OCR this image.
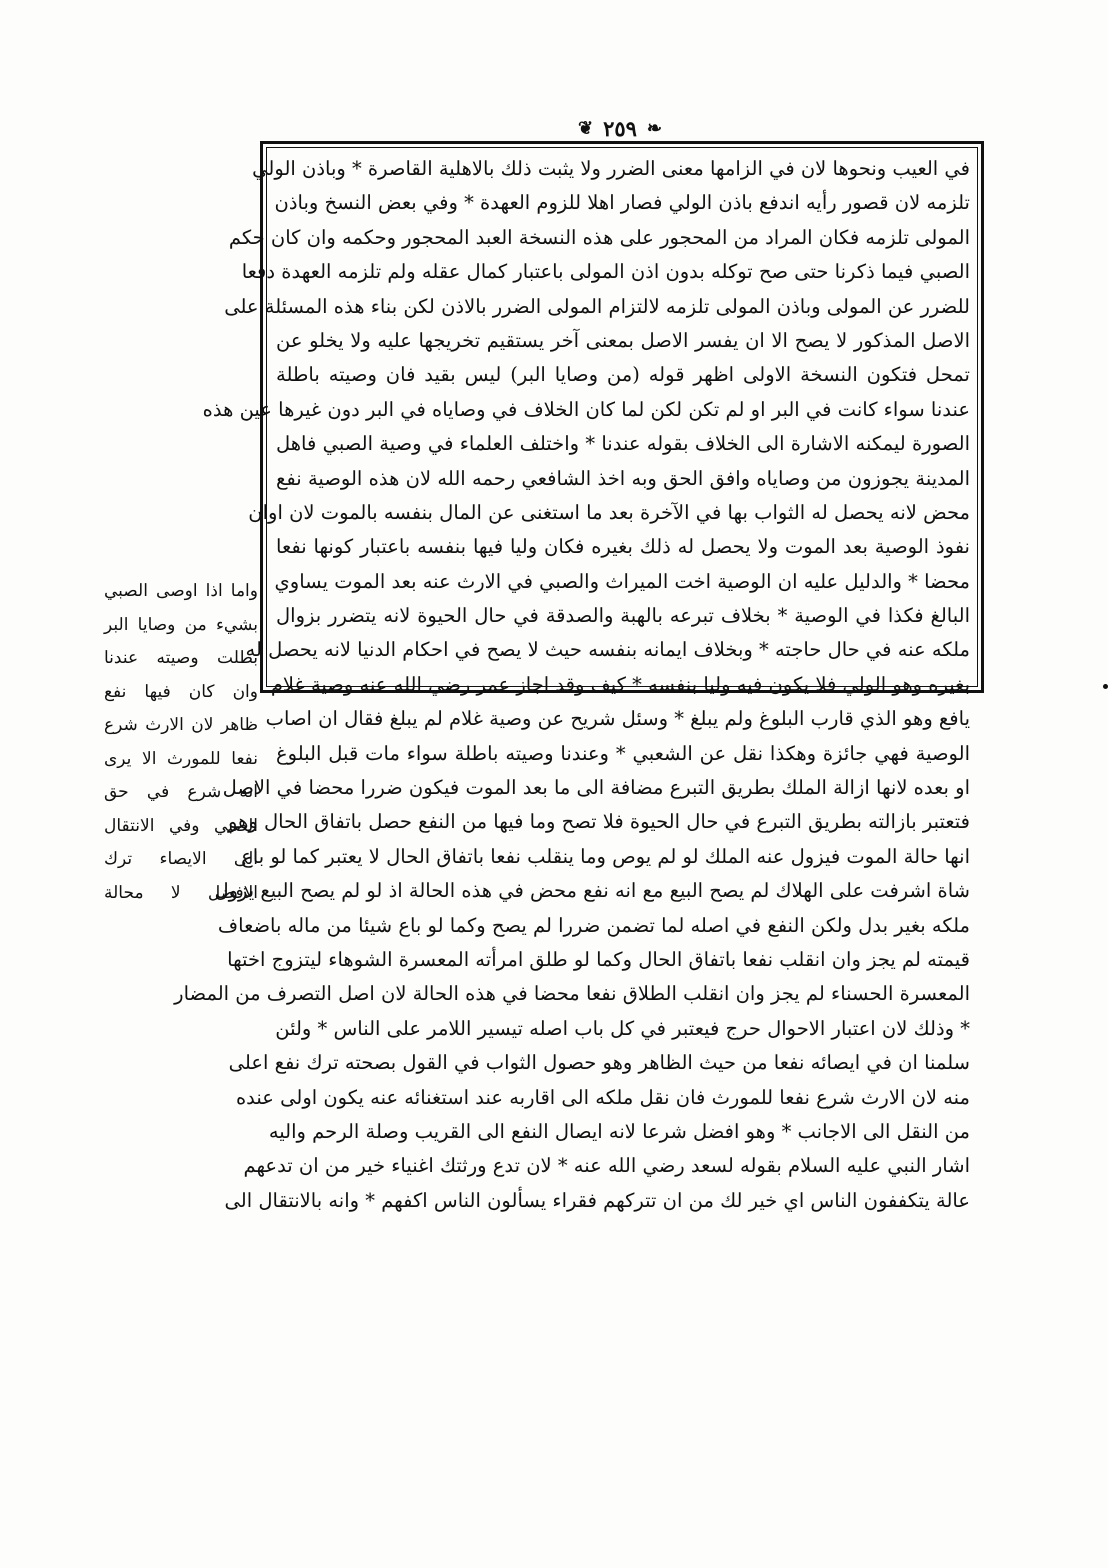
❦ ٢٥٩ ❧
في العيب ونحوها لان في الزامها معنى الضرر ولا يثبت ذلك بالاهلية القاصرة * وباذن الولي
تلزمه لان قصور رأيه اندفع باذن الولي فصار اهلا للزوم العهدة * وفي بعض النسخ وباذن
المولى تلزمه فكان المراد من المحجور على هذه النسخة العبد المحجور وحكمه وان كان حكم
الصبي فيما ذكرنا حتى صح توكله بدون اذن المولى باعتبار كمال عقله ولم تلزمه العهدة دفعا
للضرر عن المولى وباذن المولى تلزمه لالتزام المولى الضرر بالاذن لكن بناء هذه المسئلة على
الاصل المذكور لا يصح الا ان يفسر الاصل بمعنى آخر يستقيم تخريجها عليه ولا يخلو عن
تمحل فتكون النسخة الاولى اظهر قوله (من وصايا البر) ليس بقيد فان وصيته باطلة
عندنا سواء كانت في البر او لم تكن لكن لما كان الخلاف في وصاياه في البر دون غيرها عين هذه
الصورة ليمكنه الاشارة الى الخلاف بقوله عندنا * واختلف العلماء في وصية الصبي فاهل
المدينة يجوزون من وصاياه وافق الحق وبه اخذ الشافعي رحمه الله لان هذه الوصية نفع
محض لانه يحصل له الثواب بها في الآخرة بعد ما استغنى عن المال بنفسه بالموت لان اوان
نفوذ الوصية بعد الموت ولا يحصل له ذلك بغيره فكان وليا فيها بنفسه باعتبار كونها نفعا
محضا * والدليل عليه ان الوصية اخت الميراث والصبي في الارث عنه بعد الموت يساوي
البالغ فكذا في الوصية * بخلاف تبرعه بالهبة والصدقة في حال الحيوة لانه يتضرر بزوال
ملكه عنه في حال حاجته * وبخلاف ايمانه بنفسه حيث لا يصح في احكام الدنيا لانه يحصل له
بغيره وهو الولي فلا يكون فيه وليا بنفسه * كيف وقد اجاز عمر رضي الله عنه وصية غلام
يافع وهو الذي قارب البلوغ ولم يبلغ * وسئل شريح عن وصية غلام لم يبلغ فقال ان اصاب
الوصية فهي جائزة وهكذا نقل عن الشعبي * وعندنا وصيته باطلة سواء مات قبل البلوغ
او بعده لانها ازالة الملك بطريق التبرع مضافة الى ما بعد الموت فيكون ضررا محضا في الاصل
فتعتبر بازالته بطريق التبرع في حال الحيوة فلا تصح وما فيها من النفع حصل باتفاق الحال وهو
انها حالة الموت فيزول عنه الملك لو لم يوص وما ينقلب نفعا باتفاق الحال لا يعتبر كما لو باع
شاة اشرفت على الهلاك لم يصح البيع مع انه نفع محض في هذه الحالة اذ لو لم يصح البيع يزول
ملكه بغير بدل ولكن النفع في اصله لما تضمن ضررا لم يصح وكما لو باع شيئا من ماله باضعاف
قيمته لم يجز وان انقلب نفعا باتفاق الحال وكما لو طلق امرأته المعسرة الشوهاء ليتزوج اختها
المعسرة الحسناء لم يجز وان انقلب الطلاق نفعا محضا في هذه الحالة لان اصل التصرف من المضار
* وذلك لان اعتبار الاحوال حرج فيعتبر في كل باب اصله تيسير اللامر على الناس * ولئن
سلمنا ان في ايصائه نفعا من حيث الظاهر وهو حصول الثواب في القول بصحته ترك نفع اعلى
منه لان الارث شرع نفعا للمورث فان نقل ملكه الى اقاربه عند استغنائه عنه يكون اولى عنده
من النقل الى الاجانب * وهو افضل شرعا لانه ايصال النفع الى القريب وصلة الرحم واليه
اشار النبي عليه السلام بقوله لسعد رضي الله عنه * لان تدع ورثتك اغنياء خير من ان تدعهم
عالة يتكففون الناس اي خير لك من ان تتركهم فقراء يسألون الناس اكفهم * وانه بالانتقال الى
واما اذا اوصى الصبي
بشيء من وصايا البر
بطلت وصيته عندنا
وان كان فيها نفع
ظاهر لان الارث شرع
نفعا للمورث الا يرى
انه شرع في حق
الصبي وفي الانتقال
الى الايصاء ترك
الافضل لا محالة
